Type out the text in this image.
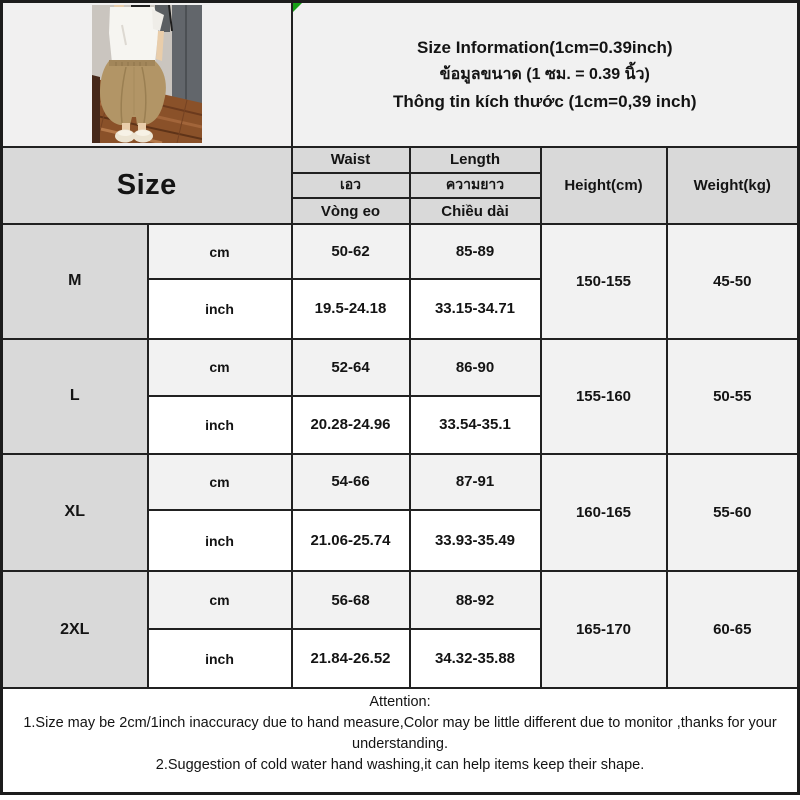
Size Information(1cm=0.39inch)
ข้อมูลขนาด (1 ซม. = 0.39 นิ้ว)
Thông tin kích thước (1cm=0,39 inch)			

Size		Waist	Length	Height(cm)	Weight(kg)
		เอว	ความยาว		
		Vòng eo	Chiều dài		
M	cm	50-62	85-89	150-155	45-50
	inch	19.5-24.18	33.15-34.71		
L	cm	52-64	86-90	155-160	50-55
	inch	20.28-24.96	33.54-35.1		
XL	cm	54-66	87-91	160-165	55-60
	inch	21.06-25.74	33.93-35.49		
2XL	cm	56-68	88-92	165-170	60-65
	inch	21.84-26.52	34.32-35.88		

Attention:
1.Size may be 2cm/1inch inaccuracy due to hand measure,Color may be little different due to monitor ,thanks for your understanding.
2.Suggestion of cold water hand washing,it can help items keep their shape.					
